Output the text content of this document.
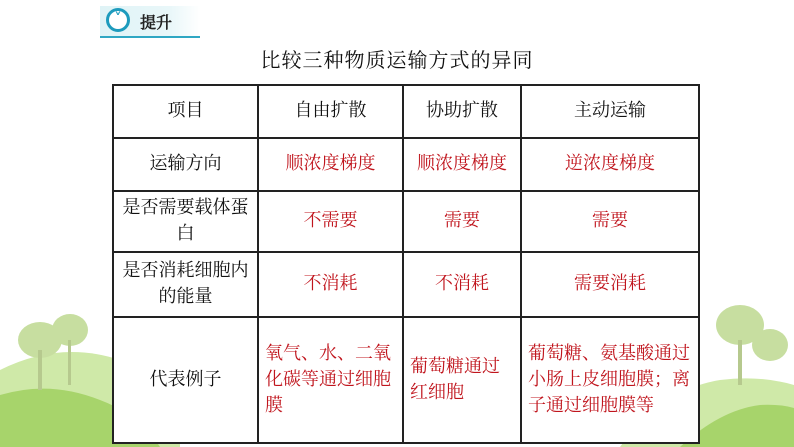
˅	提升
比较三种物质运输方式的异同
项目	自由扩散	协助扩散	主动运输
运输方向	顺浓度梯度	顺浓度梯度	逆浓度梯度
是否需要载体蛋白	不需要	需要	需要
是否消耗细胞内的能量	不消耗	不消耗	需要消耗
代表例子	氧气、水、二氧化碳等通过细胞膜	葡萄糖通过红细胞	葡萄糖、氨基酸通过小肠上皮细胞膜；离子通过细胞膜等
